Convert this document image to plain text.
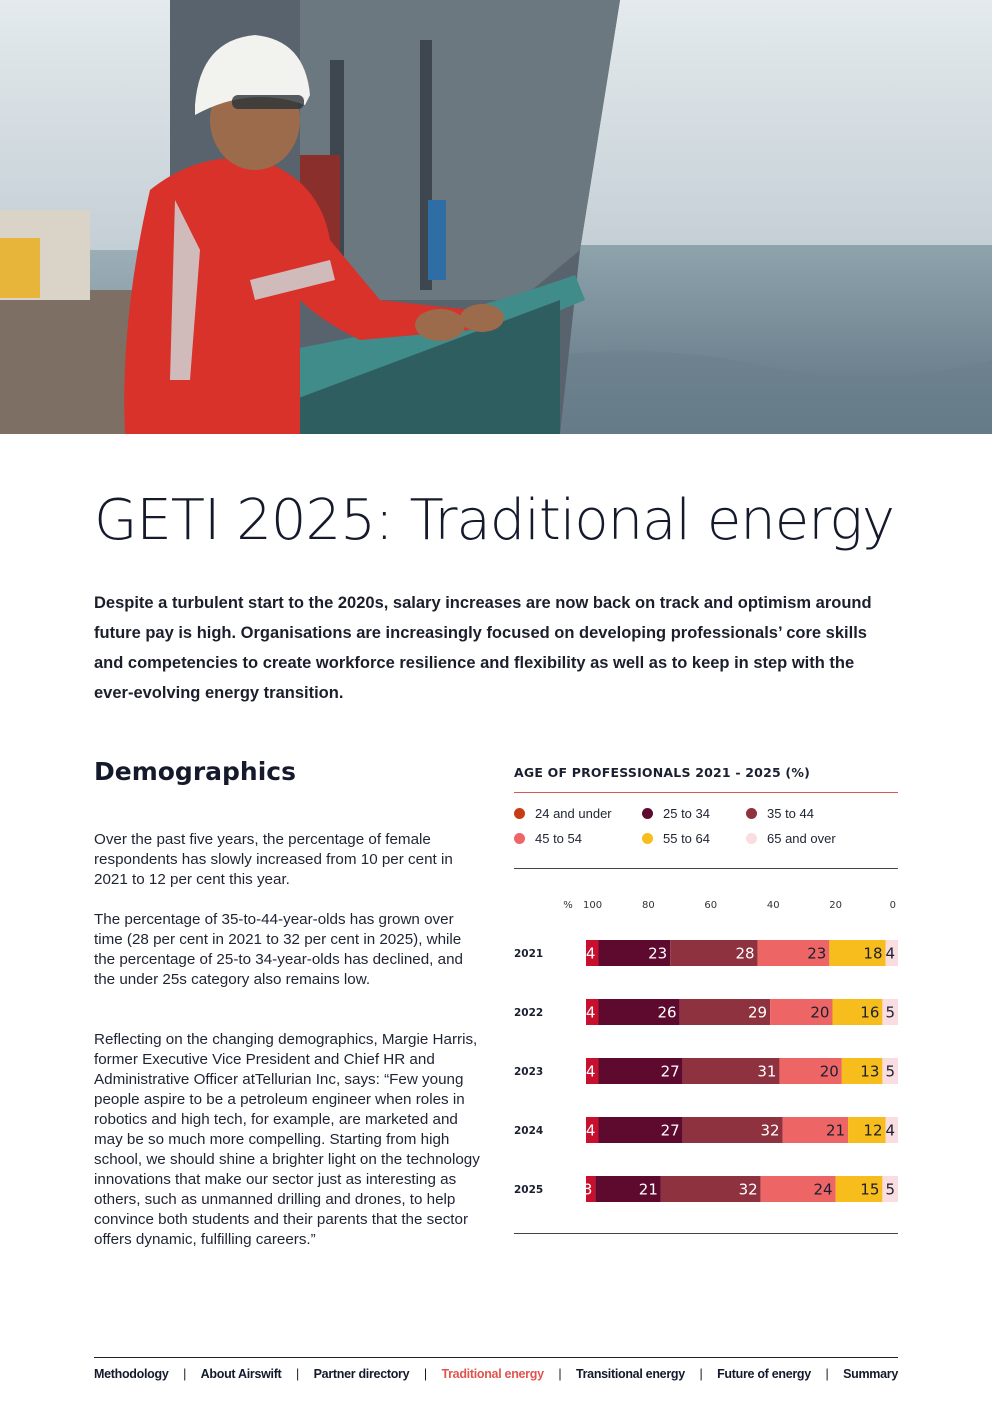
GETI 2025: Traditional energy

Despite a turbulent start to the 2020s, salary increases are now back on track and optimism around future pay is high. Organisations are increasingly focused on developing professionals’ core skills and competencies to create workforce resilience and flexibility as well as to keep in step with the ever-evolving energy transition.

Demographics

Over the past five years, the percentage of female respondents has slowly increased from 10 per cent in 2021 to 12 per cent this year.

The percentage of 35-to-44-year-olds has grown over time (28 per cent in 2021 to 32 per cent in 2025), while the percentage of 25-to 34-year-olds has declined, and the under 25s category also remains low.

Reflecting on the changing demographics, Margie Harris, former Executive Vice President and Chief HR and Administrative Officer atTellurian Inc, says: “Few young people aspire to be a petroleum engineer when roles in robotics and high tech, for example, are marketed and may be so much more compelling. Starting from high school, we should shine a brighter light on the technology innovations that make our sector just as interesting as others, such as unmanned drilling and drones, to help convince both students and their parents that the sector offers dynamic, fulfilling careers.”

AGE OF PROFESSIONALS 2021 - 2025 (%)
24 and under	25 to 34	35 to 44
45 to 54	55 to 64	65 and over
% 100	80	60	40	20	0
2021	4	23	28	23 18 4
2022	4	26	29	20 16 5
2023	4	27	31	20 13 5
2024	4	27	32	21 12 4
2025	3	21	32	24 15 5
Methodology | About Airswift | Partner directory | Traditional energy | Transitional energy | Future of energy | Summary
